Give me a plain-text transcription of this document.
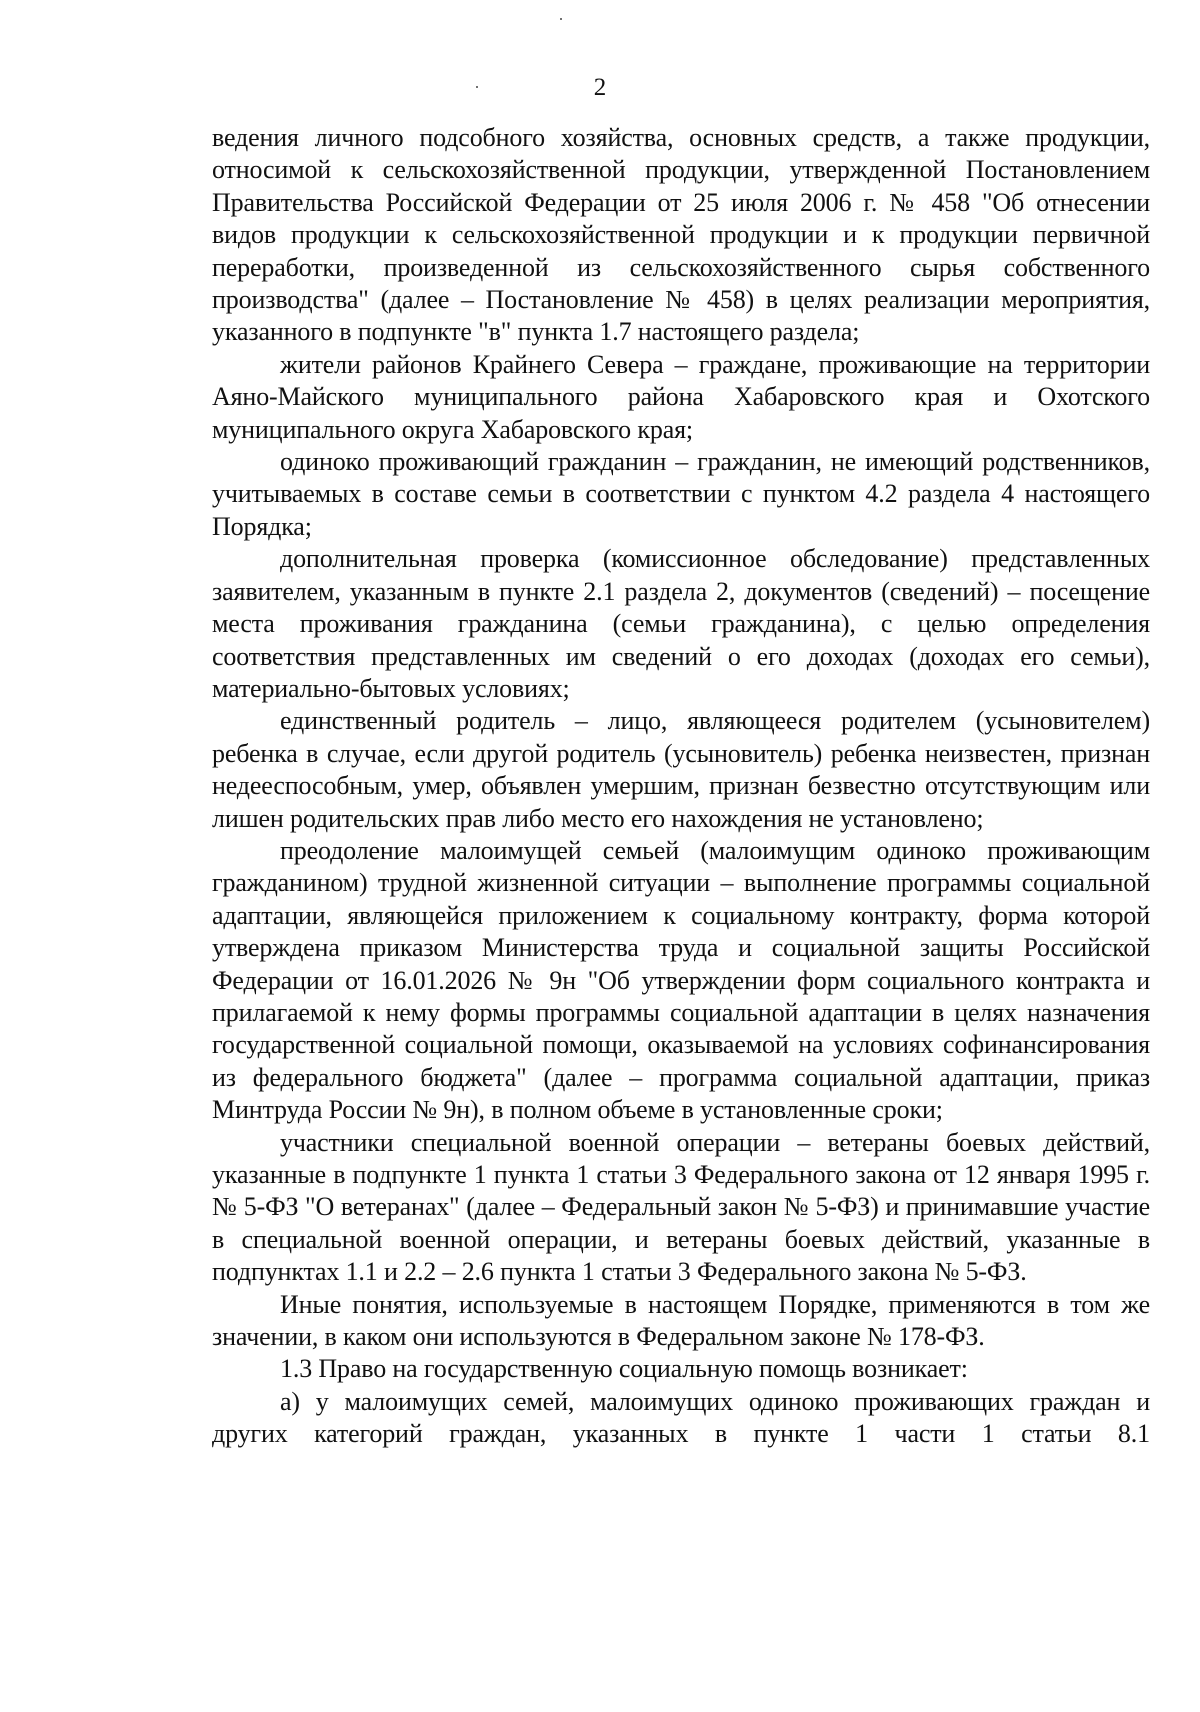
2

ведения личного подсобного хозяйства, основных средств, а также продукции, относимой к сельскохозяйственной продукции, утвержденной Постановлением Правительства Российской Федерации от 25 июля 2006 г. № 458 "Об отнесении видов продукции к сельскохозяйственной продукции и к продукции первичной переработки, произведенной из сельскохозяйственного сырья собственного производства" (далее – Постановление № 458) в целях реализации мероприятия, указанного в подпункте "в" пункта 1.7 настоящего раздела;

жители районов Крайнего Севера – граждане, проживающие на территории Аяно-Майского муниципального района Хабаровского края и Охотского муниципального округа Хабаровского края;

одиноко проживающий гражданин – гражданин, не имеющий родственников, учитываемых в составе семьи в соответствии с пунктом 4.2 раздела 4 настоящего Порядка;

дополнительная проверка (комиссионное обследование) представленных заявителем, указанным в пункте 2.1 раздела 2, документов (сведений) – посещение места проживания гражданина (семьи гражданина), с целью определения соответствия представленных им сведений о его доходах (доходах его семьи), материально-бытовых условиях;

единственный родитель – лицо, являющееся родителем (усыновителем) ребенка в случае, если другой родитель (усыновитель) ребенка неизвестен, признан недееспособным, умер, объявлен умершим, признан безвестно отсутствующим или лишен родительских прав либо место его нахождения не установлено;

преодоление малоимущей семьей (малоимущим одиноко проживающим гражданином) трудной жизненной ситуации – выполнение программы социальной адаптации, являющейся приложением к социальному контракту, форма которой утверждена приказом Министерства труда и социальной защиты Российской Федерации от 16.01.2026 № 9н "Об утверждении форм социального контракта и прилагаемой к нему формы программы социальной адаптации в целях назначения государственной социальной помощи, оказываемой на условиях софинансирования из федерального бюджета" (далее – программа социальной адаптации, приказ Минтруда России № 9н), в полном объеме в установленные сроки;

участники специальной военной операции – ветераны боевых действий, указанные в подпункте 1 пункта 1 статьи 3 Федерального закона от 12 января 1995 г. № 5-ФЗ "О ветеранах" (далее – Федеральный закон № 5-ФЗ) и принимавшие участие в специальной военной операции, и ветераны боевых действий, указанные в подпунктах 1.1 и 2.2 – 2.6 пункта 1 статьи 3 Федерального закона № 5-ФЗ.

Иные понятия, используемые в настоящем Порядке, применяются в том же значении, в каком они используются в Федеральном законе № 178-ФЗ.

1.3 Право на государственную социальную помощь возникает:

а) у малоимущих семей, малоимущих одиноко проживающих граждан и других категорий граждан, указанных в пункте 1 части 1 статьи 8.1
